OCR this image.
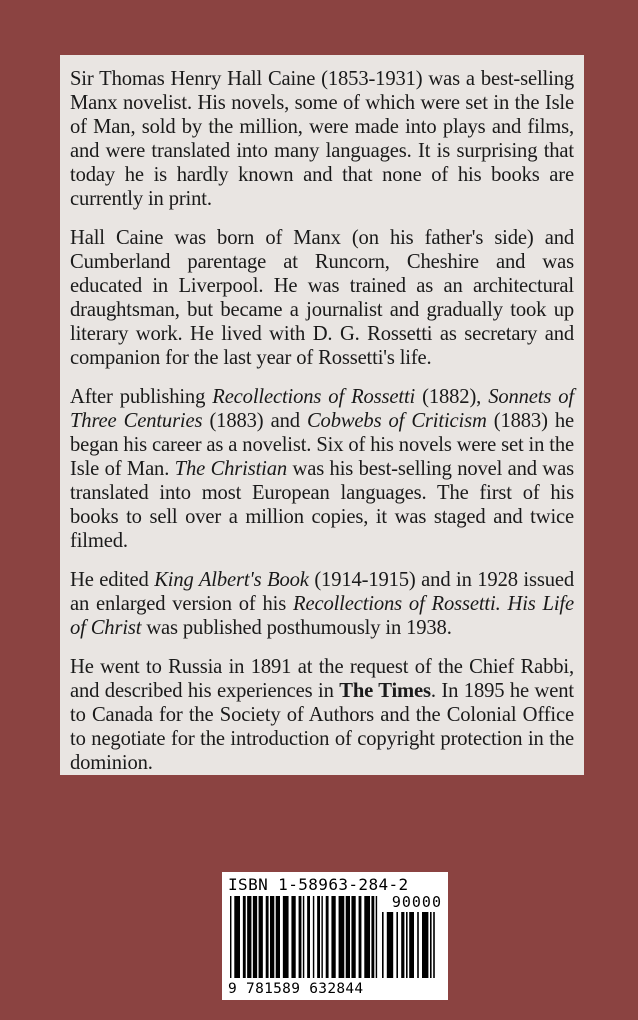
Sir Thomas Henry Hall Caine (1853-1931) was a best-selling Manx novelist. His novels, some of which were set in the Isle of Man, sold by the million, were made into plays and films, and were translated into many languages. It is surprising that today he is hardly known and that none of his books are currently in print.

Hall Caine was born of Manx (on his father's side) and Cumberland parentage at Runcorn, Cheshire and was educated in Liverpool. He was trained as an architectural draughtsman, but became a journalist and gradually took up literary work. He lived with D. G. Rossetti as secretary and companion for the last year of Rossetti's life.

After publishing Recollections of Rossetti (1882), Sonnets of Three Centuries (1883) and Cobwebs of Criticism (1883) he began his career as a novelist. Six of his novels were set in the Isle of Man. The Christian was his best-selling novel and was translated into most European languages. The first of his books to sell over a million copies, it was staged and twice filmed.

He edited King Albert's Book (1914-1915) and in 1928 issued an enlarged version of his Recollections of Rossetti. His Life of Christ was published posthumously in 1938.

He went to Russia in 1891 at the request of the Chief Rabbi, and described his experiences in The Times. In 1895 he went to Canada for the Society of Authors and the Colonial Office to negotiate for the introduction of copyright protection in the dominion.

ISBN 1-58963-284-2
90000
9 781589 632844
